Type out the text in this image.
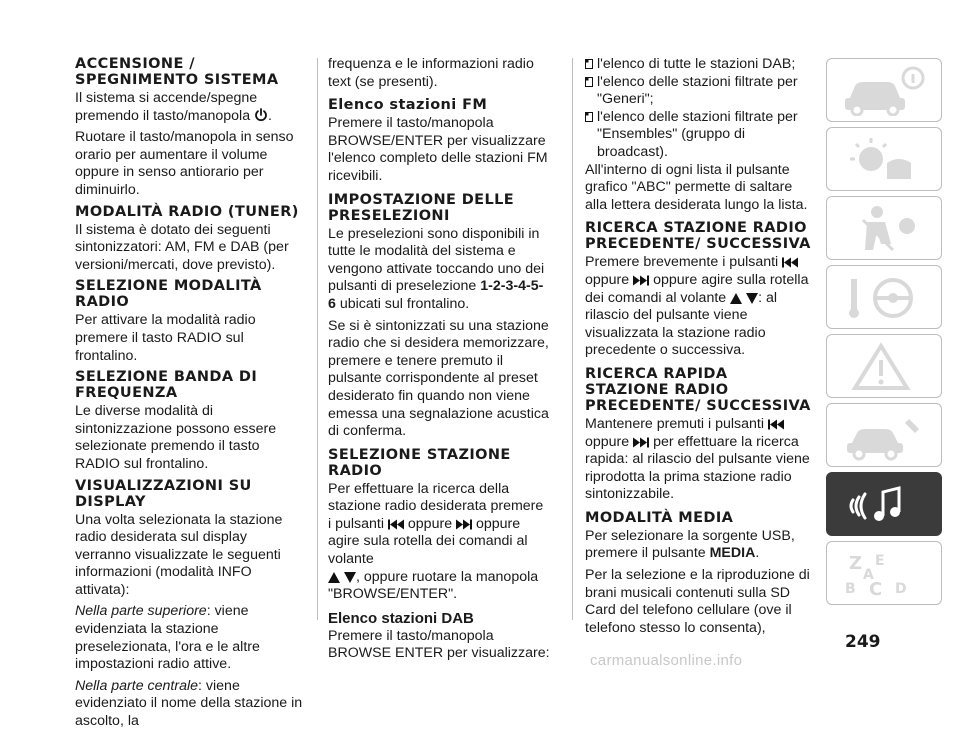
ACCENSIONE / SPEGNIMENTO SISTEMA

Il sistema si accende/spegne premendo il tasto/manopola .

Ruotare il tasto/manopola in senso orario per aumentare il volume oppure in senso antiorario per diminuirlo.

MODALITÀ RADIO (TUNER)

Il sistema è dotato dei seguenti sintonizzatori: AM, FM e DAB (per versioni/mercati, dove previsto).

SELEZIONE MODALITÀ RADIO

Per attivare la modalità radio premere il tasto RADIO sul frontalino.

SELEZIONE BANDA DI FREQUENZA

Le diverse modalità di sintonizzazione possono essere selezionate premendo il tasto RADIO sul frontalino.

VISUALIZZAZIONI SU DISPLAY

Una volta selezionata la stazione radio desiderata sul display verranno visualizzate le seguenti informazioni (modalità INFO attivata):

Nella parte superiore: viene evidenziata la stazione preselezionata, l'ora e le altre impostazioni radio attive.

Nella parte centrale: viene evidenziato il nome della stazione in ascolto, la

frequenza e le informazioni radio text (se presenti).

Elenco stazioni FM

Premere il tasto/manopola BROWSE/ENTER per visualizzare l'elenco completo delle stazioni FM ricevibili.

IMPOSTAZIONE DELLE PRESELEZIONI

Le preselezioni sono disponibili in tutte le modalità del sistema e vengono attivate toccando uno dei pulsanti di preselezione 1-2-3-4-5-6 ubicati sul frontalino.

Se si è sintonizzati su una stazione radio che si desidera memorizzare, premere e tenere premuto il pulsante corrispondente al preset desiderato fin quando non viene emessa una segnalazione acustica di conferma.

SELEZIONE STAZIONE RADIO

Per effettuare la ricerca della stazione radio desiderata premere i pulsanti oppure oppure agire sula rotella dei comandi al volante
, oppure ruotare la manopola "BROWSE/ENTER".

Elenco stazioni DAB

Premere il tasto/manopola BROWSE ENTER per visualizzare:

l'elenco di tutte le stazioni DAB;
l'elenco delle stazioni filtrate per "Generi";
l'elenco delle stazioni filtrate per "Ensembles" (gruppo di broadcast).

All'interno di ogni lista il pulsante grafico "ABC" permette di saltare alla lettera desiderata lungo la lista.

RICERCA STAZIONE RADIO PRECEDENTE/ SUCCESSIVA

Premere brevemente i pulsanti  oppure oppure agire sulla rotella dei comandi al volante : al rilascio del pulsante viene visualizzata la stazione radio precedente o successiva.

RICERCA RAPIDA STAZIONE RADIO PRECEDENTE/ SUCCESSIVA

Mantenere premuti i pulsanti  oppure per effettuare la ricerca rapida: al rilascio del pulsante viene riprodotta la prima stazione radio sintonizzabile.

MODALITÀ MEDIA

Per selezionare la sorgente USB, premere il pulsante MEDIA.

Per la selezione e la riproduzione di brani musicali contenuti sulla SD Card del telefono cellulare (ove il telefono stesso lo consenta),

Z E
B C D
A
249
carmanualsonline.info
